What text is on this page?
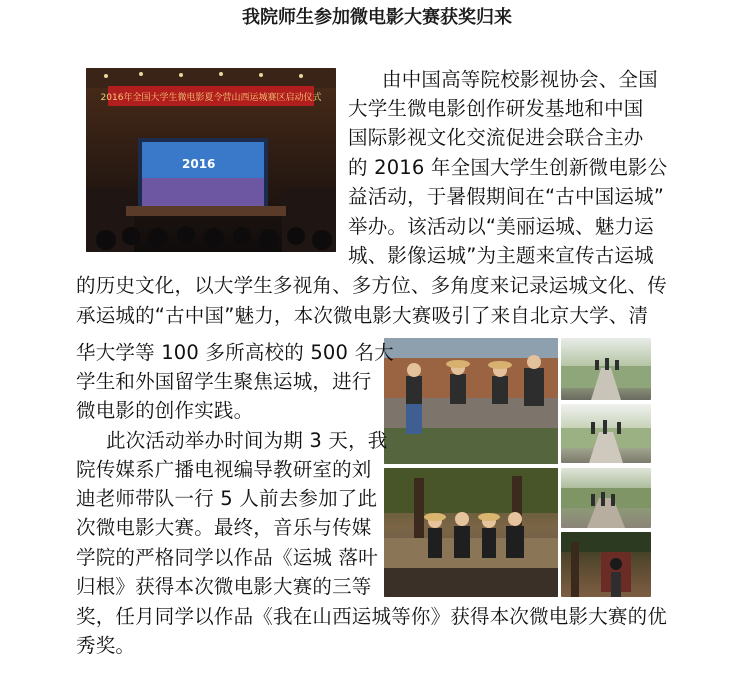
我院师生参加微电影大赛获奖归来
2016年全国大学生微电影夏令营山西运城赛区启动仪式
2016
由中国高等院校影视协会、全国
大学生微电影创作研发基地和中国
国际影视文化交流促进会联合主办
的 2016 年全国大学生创新微电影公
益活动，于暑假期间在“古中国运城”
举办。该活动以“美丽运城、魅力运
城、影像运城”为主题来宣传古运城
的历史文化，以大学生多视角、多方位、多角度来记录运城文化、传
承运城的“古中国”魅力，本次微电影大赛吸引了来自北京大学、清
华大学等 100 多所高校的 500 名大
学生和外国留学生聚焦运城，进行
微电影的创作实践。
此次活动举办时间为期 3 天，我
院传媒系广播电视编导教研室的刘
迪老师带队一行 5 人前去参加了此
次微电影大赛。最终，音乐与传媒
学院的严格同学以作品《运城 落叶
归根》获得本次微电影大赛的三等
奖，任月同学以作品《我在山西运城等你》获得本次微电影大赛的优
秀奖。
